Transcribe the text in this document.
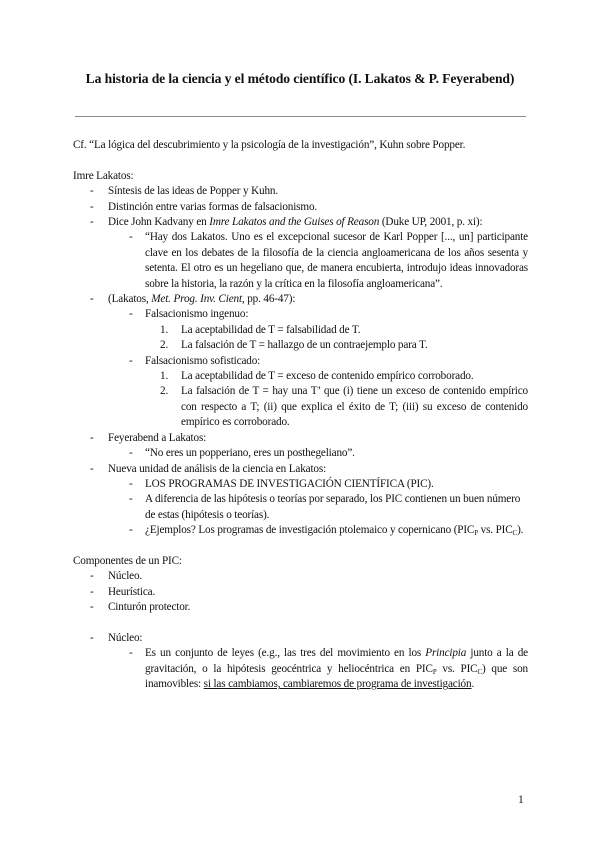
La historia de la ciencia y el método científico (I. Lakatos & P. Feyerabend)
Cf. “La lógica del descubrimiento y la psicología de la investigación”, Kuhn sobre Popper.
Imre Lakatos:
- Síntesis de las ideas de Popper y Kuhn.
- Distinción entre varias formas de falsacionismo.
- Dice John Kadvany en Imre Lakatos and the Guises of Reason (Duke UP, 2001, p. xi):
- “Hay dos Lakatos. Uno es el excepcional sucesor de Karl Popper [..., un] participante clave en los debates de la filosofía de la ciencia angloamericana de los años sesenta y setenta. El otro es un hegeliano que, de manera encubierta, introdujo ideas innovadoras sobre la historia, la razón y la crítica en la filosofía angloamericana”.
- (Lakatos, Met. Prog. Inv. Cient, pp. 46-47):
- Falsacionismo ingenuo:
1. La aceptabilidad de T = falsabilidad de T.
2. La falsación de T = hallazgo de un contraejemplo para T.
- Falsacionismo sofisticado:
1. La aceptabilidad de T = exceso de contenido empírico corroborado.
2. La falsación de T = hay una T’ que (i) tiene un exceso de contenido empírico con respecto a T; (ii) que explica el éxito de T; (iii) su exceso de contenido empírico es corroborado.
- Feyerabend a Lakatos:
- “No eres un popperiano, eres un posthegeliano”.
- Nueva unidad de análisis de la ciencia en Lakatos:
- LOS PROGRAMAS DE INVESTIGACIÓN CIENTÍFICA (PIC).
- A diferencia de las hipótesis o teorías por separado, los PIC contienen un buen número de estas (hipótesis o teorías).
- ¿Ejemplos? Los programas de investigación ptolemaico y copernicano ($PIC_P$ vs. $PIC_C$).
Componentes de un PIC:
- Núcleo.
- Heurística.
- Cinturón protector.
- Núcleo:
- Es un conjunto de leyes (e.g., las tres del movimiento en los Principia junto a la de gravitación, o la hipótesis geocéntrica y heliocéntrica en $PIC_P$ vs. $PIC_C$) que son inamovibles: si las cambiamos, cambiaremos de programa de investigación.
1
